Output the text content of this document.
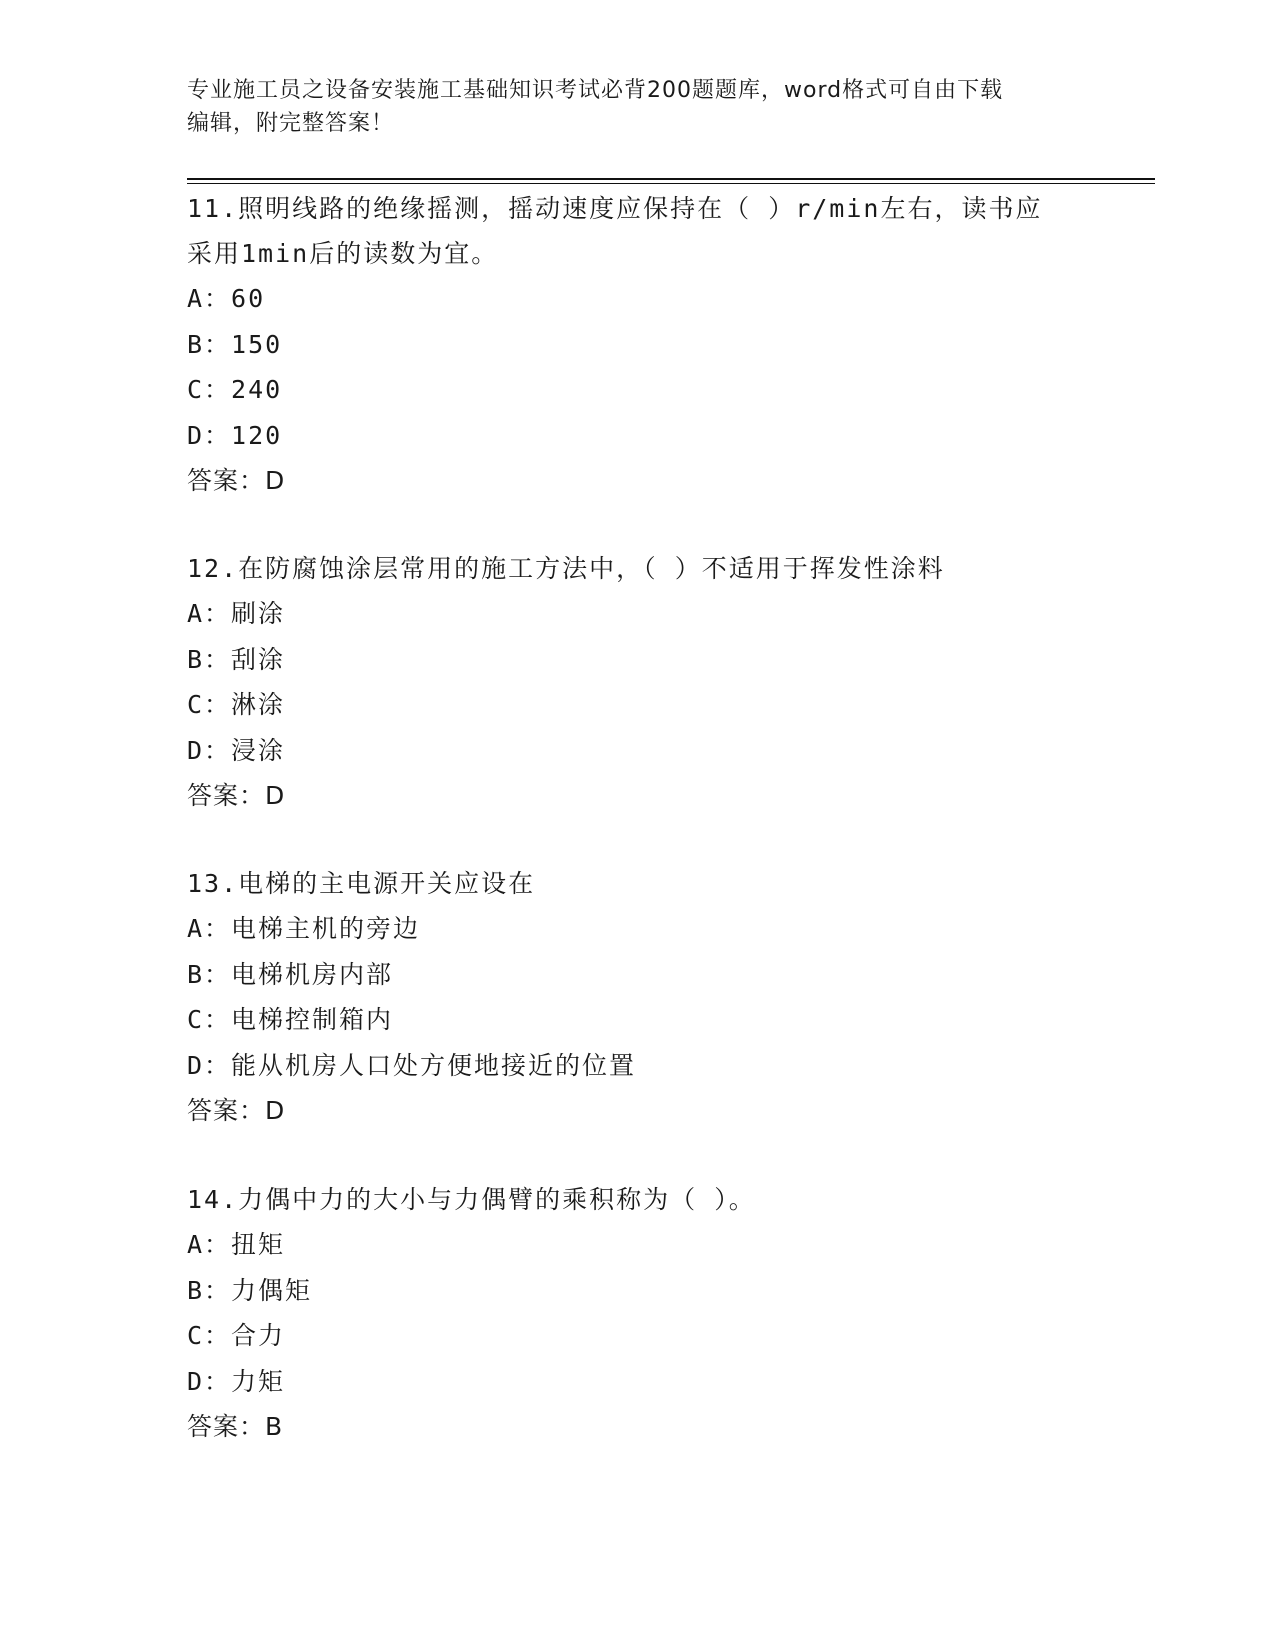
专业施工员之设备安装施工基础知识考试必背200题题库，word格式可自由下载
编辑，附完整答案！
11.照明线路的绝缘摇测，摇动速度应保持在（ ）r/min左右，读书应
采用1min后的读数为宜。
A：60
B：150
C：240
D：120
答案：D
12.在防腐蚀涂层常用的施工方法中，（ ）不适用于挥发性涂料
A：刷涂
B：刮涂
C：淋涂
D：浸涂
答案：D
13.电梯的主电源开关应设在
A：电梯主机的旁边
B：电梯机房内部
C：电梯控制箱内
D：能从机房人口处方便地接近的位置
答案：D
14.力偶中力的大小与力偶臂的乘积称为（ ）。
A：扭矩
B：力偶矩
C：合力
D：力矩
答案：B
